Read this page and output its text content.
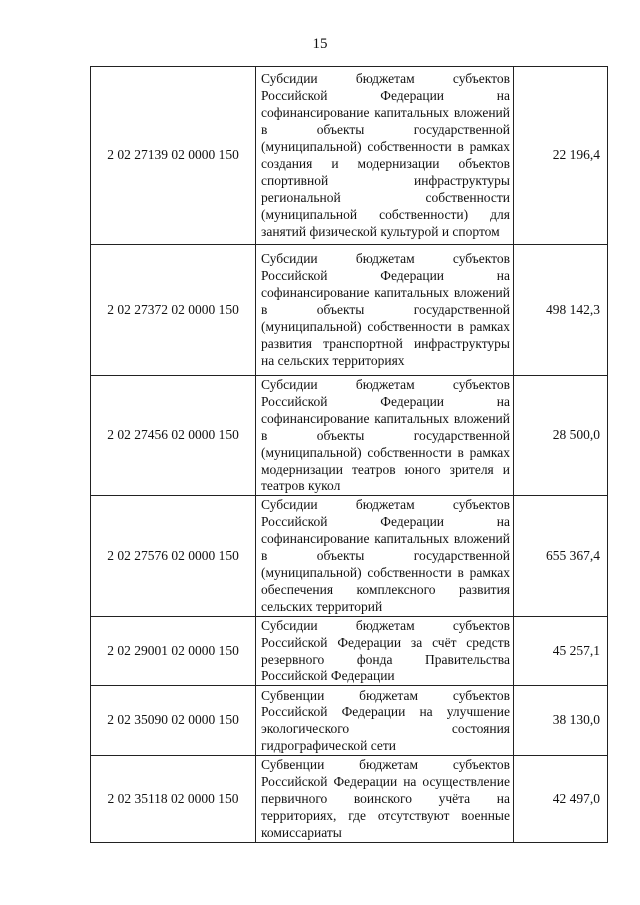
15
2 02 27139 02 0000 150	Субсидии бюджетам субъектов Российской Федерации на софинансирование капитальных вложений в объекты государственной (муниципальной) собственности в рамках создания и модернизации объектов спортивной инфраструктуры региональной собственности (муниципальной собственности) для занятий физической культурой и спортом	22 196,4
2 02 27372 02 0000 150	Субсидии бюджетам субъектов Российской Федерации на софинансирование капитальных вложений в объекты государственной (муниципальной) собственности в рамках развития транспортной инфраструктуры на сельских территориях	498 142,3
2 02 27456 02 0000 150	Субсидии бюджетам субъектов Российской Федерации на софинансирование капитальных вложений в объекты государственной (муниципальной) собственности в рамках модернизации театров юного зрителя и театров кукол	28 500,0
2 02 27576 02 0000 150	Субсидии бюджетам субъектов Российской Федерации на софинансирование капитальных вложений в объекты государственной (муниципальной) собственности в рамках обеспечения комплексного развития сельских территорий	655 367,4
2 02 29001 02 0000 150	Субсидии бюджетам субъектов Российской Федерации за счёт средств резервного фонда Правительства Российской Федерации	45 257,1
2 02 35090 02 0000 150	Субвенции бюджетам субъектов Российской Федерации на улучшение экологического состояния гидрографической сети	38 130,0
2 02 35118 02 0000 150	Субвенции бюджетам субъектов Российской Федерации на осуществление первичного воинского учёта на территориях, где отсутствуют военные комиссариаты	42 497,0
